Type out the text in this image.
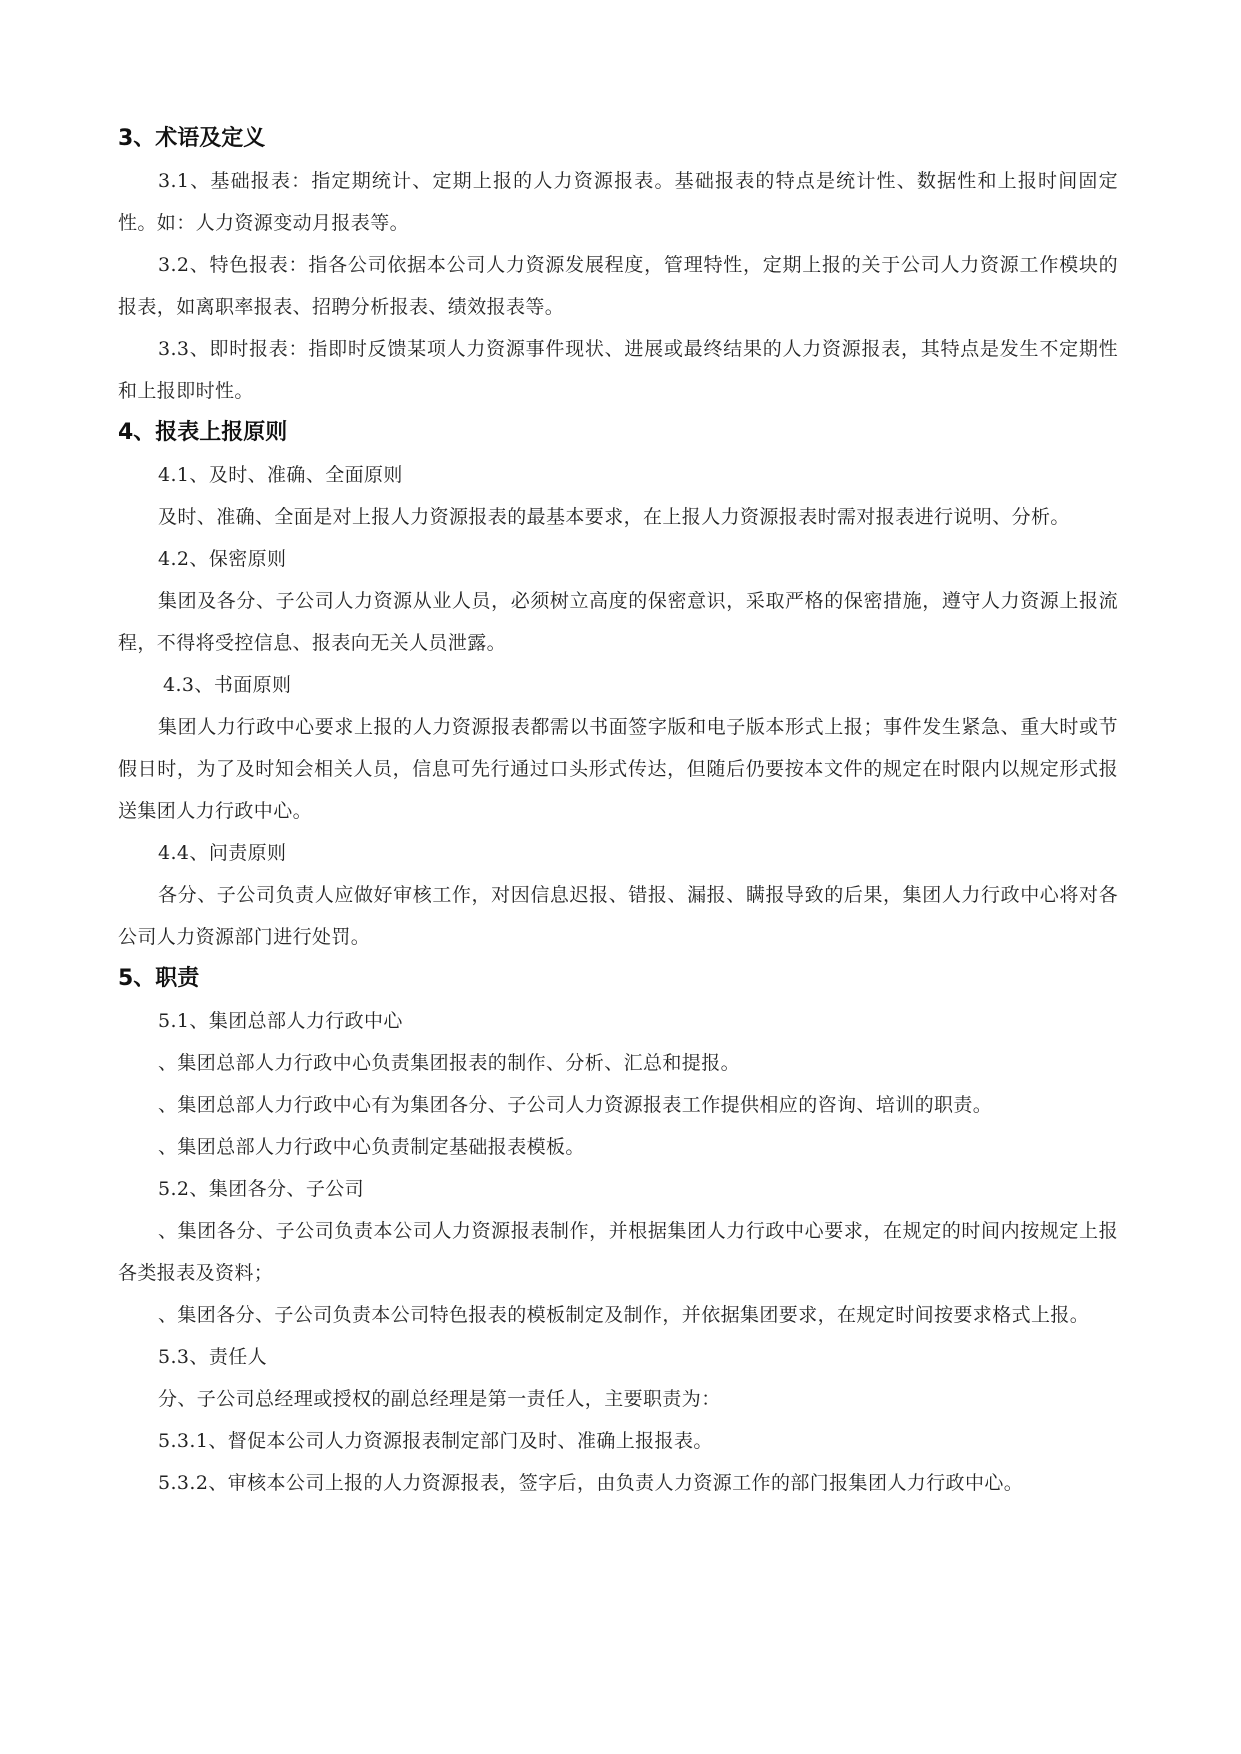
3、术语及定义

3.1、基础报表：指定期统计、定期上报的人力资源报表。基础报表的特点是统计性、数据性和上报时间固定性。如：人力资源变动月报表等。

3.2、特色报表：指各公司依据本公司人力资源发展程度，管理特性，定期上报的关于公司人力资源工作模块的报表，如离职率报表、招聘分析报表、绩效报表等。

3.3、即时报表：指即时反馈某项人力资源事件现状、进展或最终结果的人力资源报表，其特点是发生不定期性和上报即时性。

4、报表上报原则

4.1、及时、准确、全面原则

及时、准确、全面是对上报人力资源报表的最基本要求，在上报人力资源报表时需对报表进行说明、分析。

4.2、保密原则

集团及各分、子公司人力资源从业人员，必须树立高度的保密意识，采取严格的保密措施，遵守人力资源上报流程，不得将受控信息、报表向无关人员泄露。

4.3、书面原则

集团人力行政中心要求上报的人力资源报表都需以书面签字版和电子版本形式上报；事件发生紧急、重大时或节假日时，为了及时知会相关人员，信息可先行通过口头形式传达，但随后仍要按本文件的规定在时限内以规定形式报送集团人力行政中心。

4.4、问责原则

各分、子公司负责人应做好审核工作，对因信息迟报、错报、漏报、瞒报导致的后果，集团人力行政中心将对各公司人力资源部门进行处罚。

5、职责

5.1、集团总部人力行政中心

、集团总部人力行政中心负责集团报表的制作、分析、汇总和提报。

、集团总部人力行政中心有为集团各分、子公司人力资源报表工作提供相应的咨询、培训的职责。

、集团总部人力行政中心负责制定基础报表模板。

5.2、集团各分、子公司

、集团各分、子公司负责本公司人力资源报表制作，并根据集团人力行政中心要求，在规定的时间内按规定上报各类报表及资料；

、集团各分、子公司负责本公司特色报表的模板制定及制作，并依据集团要求，在规定时间按要求格式上报。

5.3、责任人

分、子公司总经理或授权的副总经理是第一责任人，主要职责为：

5.3.1、督促本公司人力资源报表制定部门及时、准确上报报表。

5.3.2、审核本公司上报的人力资源报表，签字后，由负责人力资源工作的部门报集团人力行政中心。
